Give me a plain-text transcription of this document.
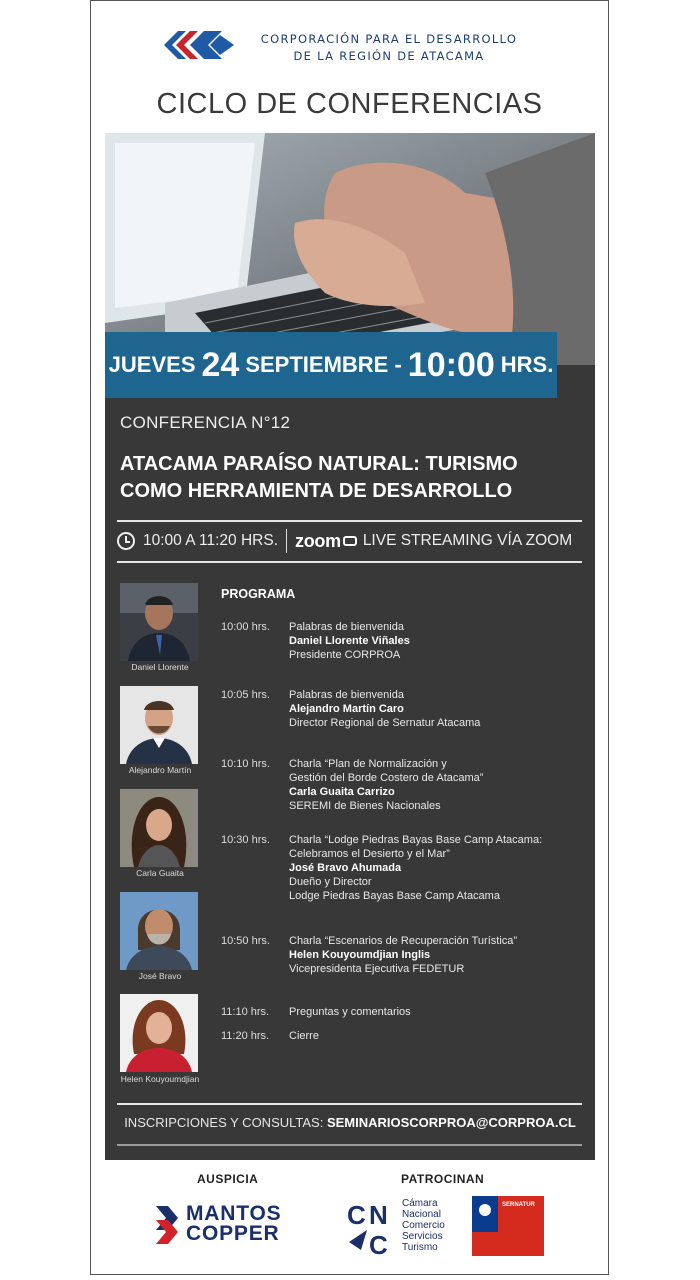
CORPORACIÓN PARA EL DESARROLLO
DE LA REGIÓN DE ATACAMA
CICLO DE CONFERENCIAS
JUEVES 24 SEPTIEMBRE - 10:00 HRS.
CONFERENCIA N°12
ATACAMA PARAÍSO NATURAL: TURISMO
COMO HERRAMIENTA DE DESARROLLO
10:00 A 11:20 HRS. zoom LIVE STREAMING VÍA ZOOM
PROGRAMA
Daniel Llorente
Alejandro Martín
Carla Guaita
José Bravo
Helen Kouyoumdjian
10:00 hrs. Palabras de bienvenida
Daniel Llorente Viñales
Presidente CORPROA
10:05 hrs. Palabras de bienvenida
Alejandro Martín Caro
Director Regional de Sernatur Atacama
10:10 hrs. Charla “Plan de Normalización y
Gestión del Borde Costero de Atacama”
Carla Guaita Carrizo
SEREMI de Bienes Nacionales
10:30 hrs. Charla “Lodge Piedras Bayas Base Camp Atacama:
Celebramos el Desierto y el Mar”
José Bravo Ahumada
Dueño y Director
Lodge Piedras Bayas Base Camp Atacama
10:50 hrs. Charla “Escenarios de Recuperación Turística”
Helen Kouyoumdjian Inglis
Vicepresidenta Ejecutiva FEDETUR
11:10 hrs. Preguntas y comentarios
11:20 hrs. Cierre
INSCRIPCIONES Y CONSULTAS: SEMINARIOSCORPROA@CORPROA.CL
AUSPICIA	PATROCINAN
MANTOS
COPPER
C N
C
Cámara
Nacional
Comercio
Servicios
Turismo
SERNATUR
